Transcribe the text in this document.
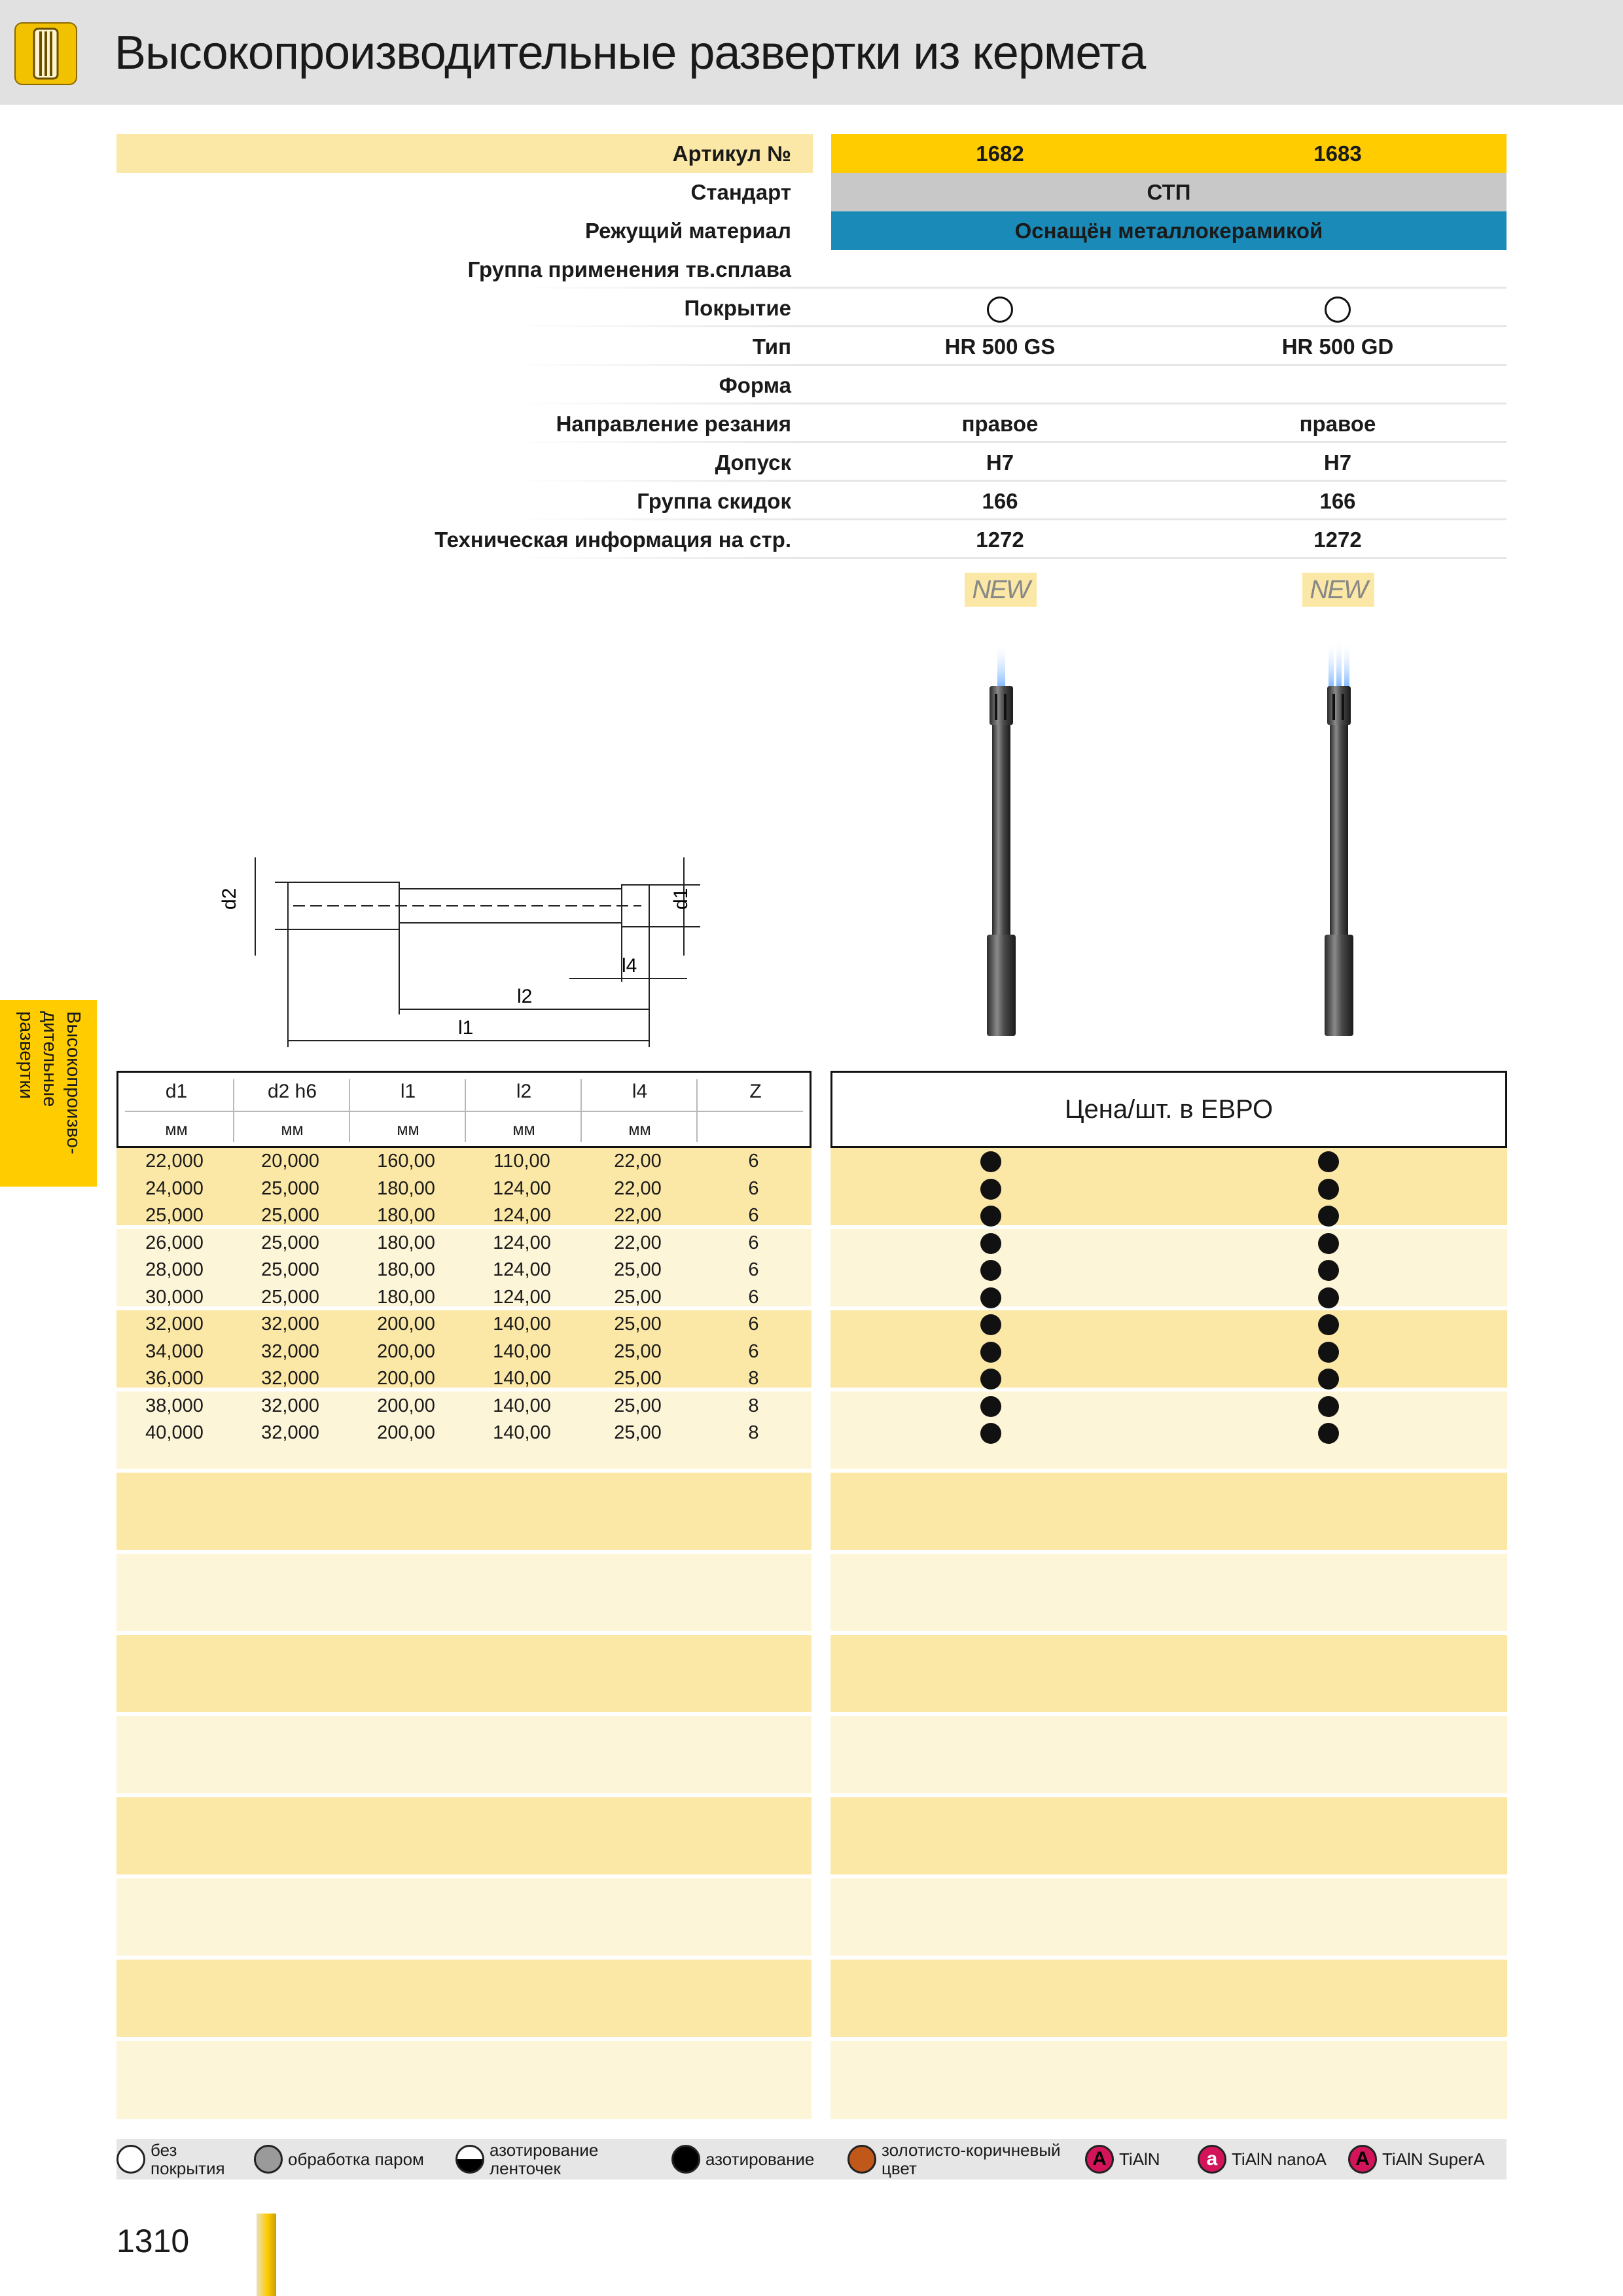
Высокопроизводительные развертки из кермета
Артикул №	1682	1683
Стандарт	СТП
Режущий материал	Оснащён металлокерамикой
Группа применения тв.сплава
Покрытие
Тип	HR 500 GS	HR 500 GD
Форма
Направление резания	правое	правое
Допуск	H7	H7
Группа скидок	166	166
Техническая информация на стр.	1272	1272
NEW	NEW
d2	d1
l4
l2
l1
Высокопроизво-
дительные
развертки	d1	d2 h6	l1	l2	l4	Z
мм	мм	мм	мм	мм
Цена/шт. в ЕВРО
22,000	20,000	160,00	110,00	22,00	6
24,000	25,000	180,00	124,00	22,00	6
25,000	25,000	180,00	124,00	22,00	6
26,000	25,000	180,00	124,00	22,00	6
28,000	25,000	180,00	124,00	25,00	6
30,000	25,000	180,00	124,00	25,00	6
32,000	32,000	200,00	140,00	25,00	6
34,000	32,000	200,00	140,00	25,00	6
36,000	32,000	200,00	140,00	25,00	8
38,000	32,000	200,00	140,00	25,00	8
40,000	32,000	200,00	140,00	25,00	8
без
покрытия	обработка паром	азотирование
ленточек	азотирование	золотисто-коричневый
цвет	A TiAlN	a TiAlN nanoA	A TiAlN SuperA
1310
